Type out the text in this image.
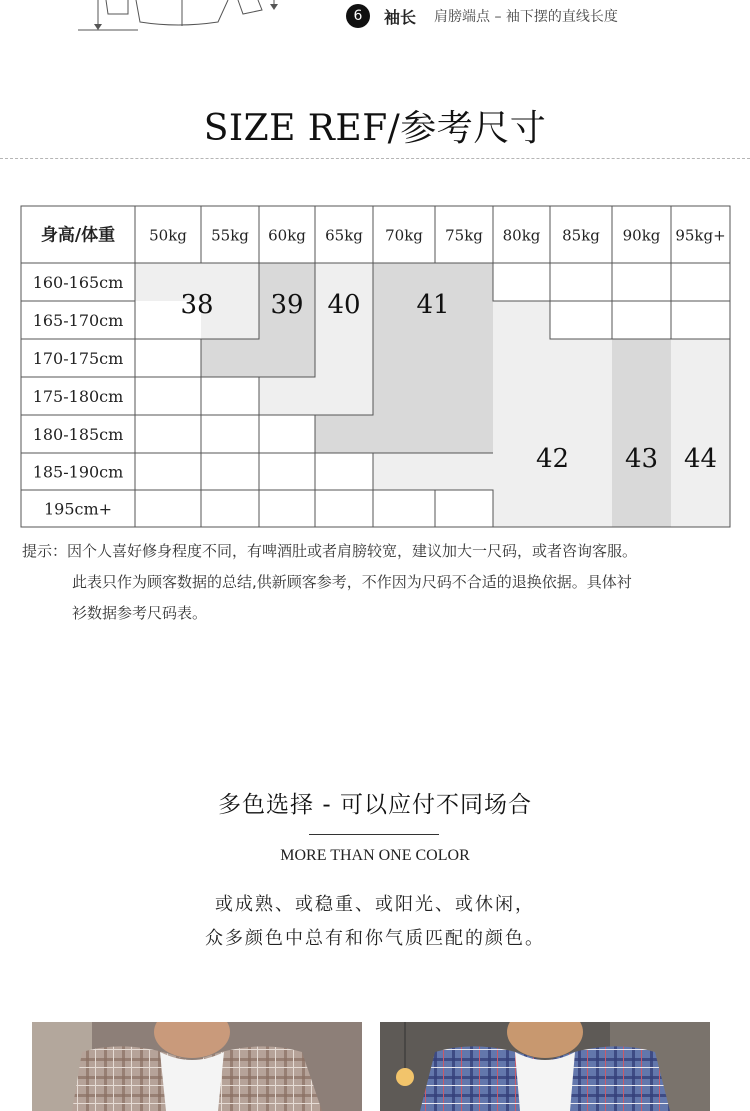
6	袖长 肩膀端点 – 袖下摆的直线长度
SIZE REF/参考尺寸
身高/体重 50kg 55kg 60kg 65kg 70kg 75kg 80kg 85kg 90kg 95kg+
160-165cm
165-170cm
170-175cm
175-180cm
180-185cm
185-190cm
195cm+
38 39 40 41
42 43 44
提示：因个人喜好修身程度不同，有啤酒肚或者肩膀较宽，建议加大一尺码，或者咨询客服。
此表只作为顾客数据的总结,供新顾客参考，不作因为尺码不合适的退换依据。具体衬
衫数据参考尺码表。
多色选择 - 可以应付不同场合
MORE THAN ONE COLOR
或成熟、或稳重、或阳光、或休闲，
众多颜色中总有和你气质匹配的颜色。
